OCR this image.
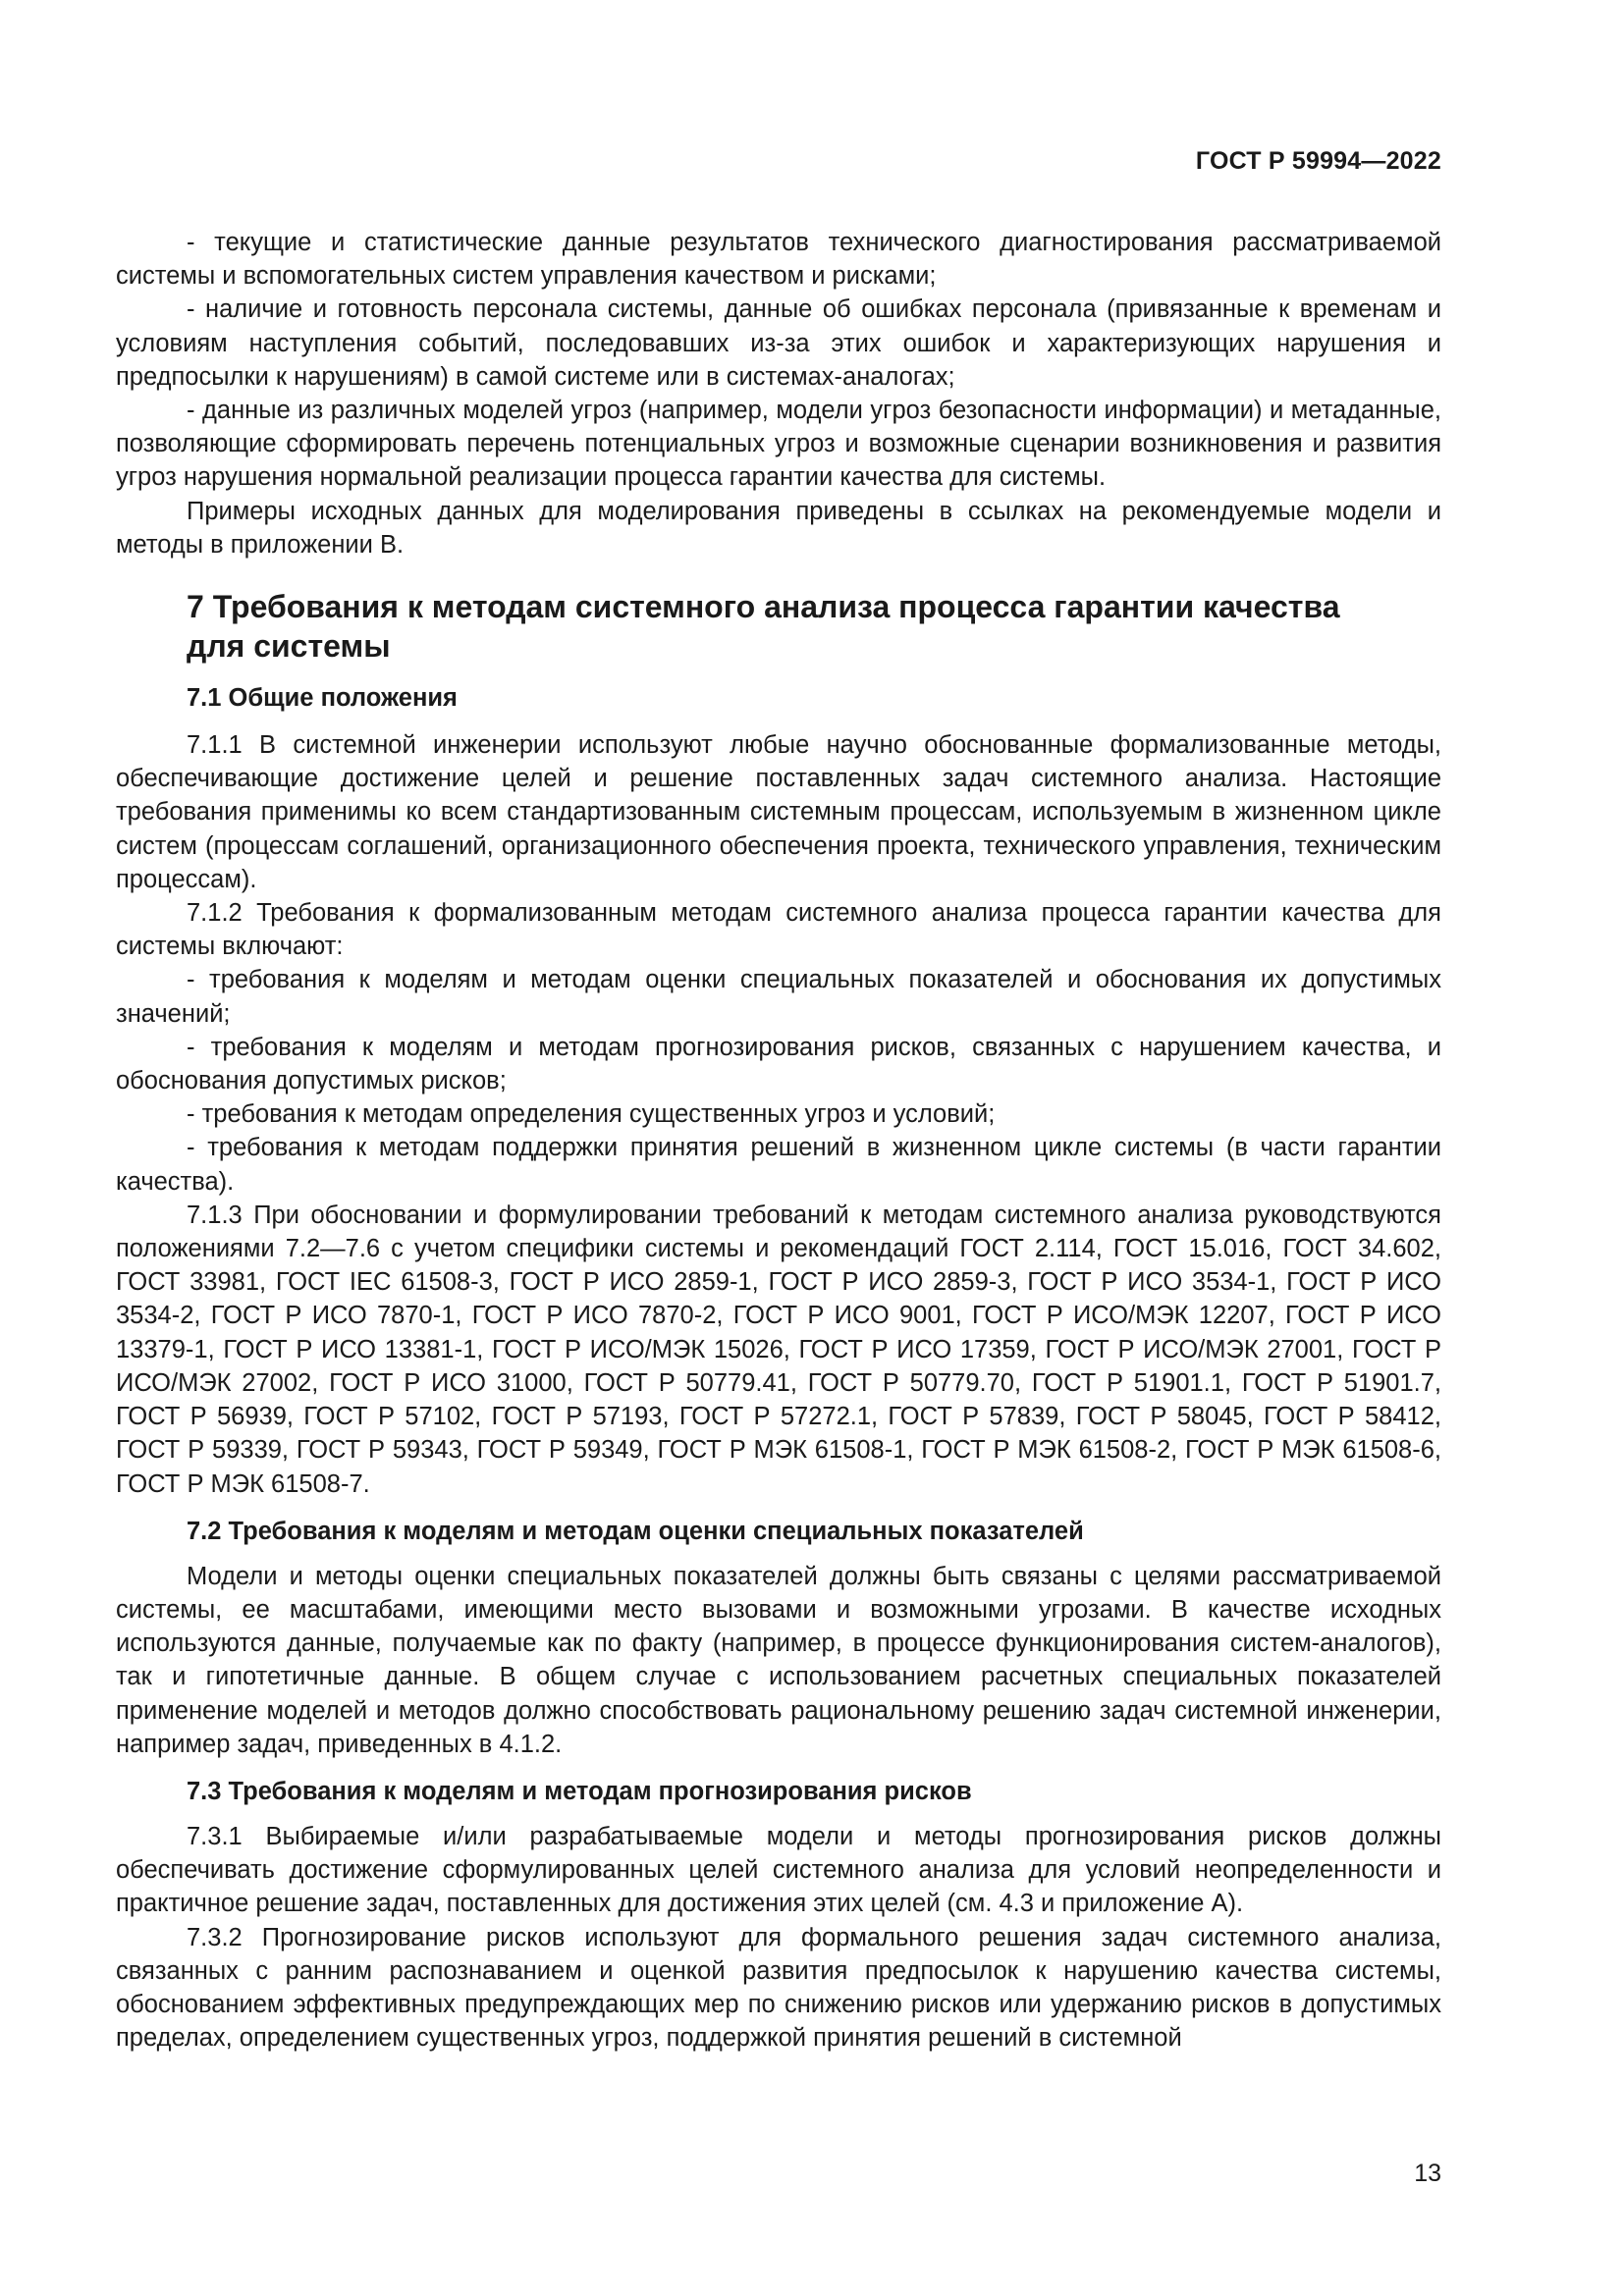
ГОСТ Р 59994—2022

- текущие и статистические данные результатов технического диагностирования рассматриваемой системы и вспомогательных систем управления качеством и рисками;

- наличие и готовность персонала системы, данные об ошибках персонала (привязанные к временам и условиям наступления событий, последовавших из-за этих ошибок и характеризующих нарушения и предпосылки к нарушениям) в самой системе или в системах-аналогах;

- данные из различных моделей угроз (например, модели угроз безопасности информации) и метаданные, позволяющие сформировать перечень потенциальных угроз и возможные сценарии возникновения и развития угроз нарушения нормальной реализации процесса гарантии качества для системы.

Примеры исходных данных для моделирования приведены в ссылках на рекомендуемые модели и методы в приложении В.

7 Требования к методам системного анализа процесса гарантии качества для системы
7.1 Общие положения

7.1.1 В системной инженерии используют любые научно обоснованные формализованные методы, обеспечивающие достижение целей и решение поставленных задач системного анализа. Настоящие требования применимы ко всем стандартизованным системным процессам, используемым в жизненном цикле систем (процессам соглашений, организационного обеспечения проекта, технического управления, техническим процессам).

7.1.2 Требования к формализованным методам системного анализа процесса гарантии качества для системы включают:

- требования к моделям и методам оценки специальных показателей и обоснования их допустимых значений;

- требования к моделям и методам прогнозирования рисков, связанных с нарушением качества, и обоснования допустимых рисков;

- требования к методам определения существенных угроз и условий;

- требования к методам поддержки принятия решений в жизненном цикле системы (в части гарантии качества).

7.1.3 При обосновании и формулировании требований к методам системного анализа руководствуются положениями 7.2—7.6 с учетом специфики системы и рекомендаций ГОСТ 2.114, ГОСТ 15.016, ГОСТ 34.602, ГОСТ 33981, ГОСТ IEC 61508-3, ГОСТ Р ИСО 2859-1, ГОСТ Р ИСО 2859-3, ГОСТ Р ИСО 3534-1, ГОСТ Р ИСО 3534-2, ГОСТ Р ИСО 7870-1, ГОСТ Р ИСО 7870-2, ГОСТ Р ИСО 9001, ГОСТ Р ИСО/МЭК 12207, ГОСТ Р ИСО 13379-1, ГОСТ Р ИСО 13381-1, ГОСТ Р ИСО/МЭК 15026, ГОСТ Р ИСО 17359, ГОСТ Р ИСО/МЭК 27001, ГОСТ Р ИСО/МЭК 27002, ГОСТ Р ИСО 31000, ГОСТ Р 50779.41, ГОСТ Р 50779.70, ГОСТ Р 51901.1, ГОСТ Р 51901.7, ГОСТ Р 56939, ГОСТ Р 57102, ГОСТ Р 57193, ГОСТ Р 57272.1, ГОСТ Р 57839, ГОСТ Р 58045, ГОСТ Р 58412, ГОСТ Р 59339, ГОСТ Р 59343, ГОСТ Р 59349, ГОСТ Р МЭК 61508-1, ГОСТ Р МЭК 61508-2, ГОСТ Р МЭК 61508-6, ГОСТ Р МЭК 61508-7.

7.2 Требования к моделям и методам оценки специальных показателей

Модели и методы оценки специальных показателей должны быть связаны с целями рассматриваемой системы, ее масштабами, имеющими место вызовами и возможными угрозами. В качестве исходных используются данные, получаемые как по факту (например, в процессе функционирования систем-аналогов), так и гипотетичные данные. В общем случае с использованием расчетных специальных показателей применение моделей и методов должно способствовать рациональному решению задач системной инженерии, например задач, приведенных в 4.1.2.

7.3 Требования к моделям и методам прогнозирования рисков

7.3.1 Выбираемые и/или разрабатываемые модели и методы прогнозирования рисков должны обеспечивать достижение сформулированных целей системного анализа для условий неопределенности и практичное решение задач, поставленных для достижения этих целей (см. 4.3 и приложение А).

7.3.2 Прогнозирование рисков используют для формального решения задач системного анализа, связанных с ранним распознаванием и оценкой развития предпосылок к нарушению качества системы, обоснованием эффективных предупреждающих мер по снижению рисков или удержанию рисков в допустимых пределах, определением существенных угроз, поддержкой принятия решений в системной

13
